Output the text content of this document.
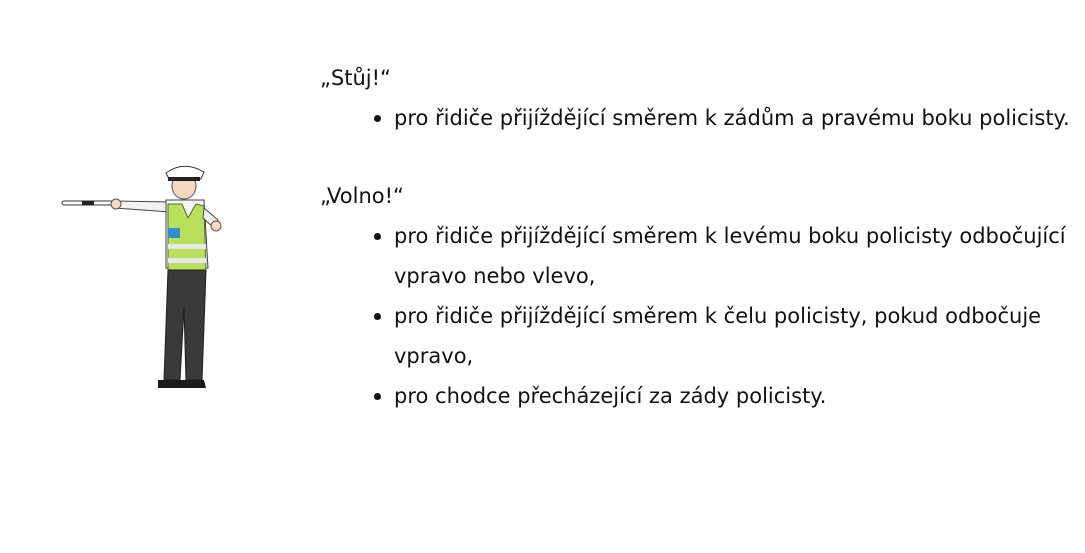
„Stůj!“

pro řidiče přijíždějící směrem k zádům a pravému boku policisty.

„Volno!“

pro řidiče přijíždějící směrem k levému boku policisty odbočující vpravo nebo vlevo,
pro řidiče přijíždějící směrem k čelu policisty, pokud odbočuje vpravo,
pro chodce přecházející za zády policisty.
